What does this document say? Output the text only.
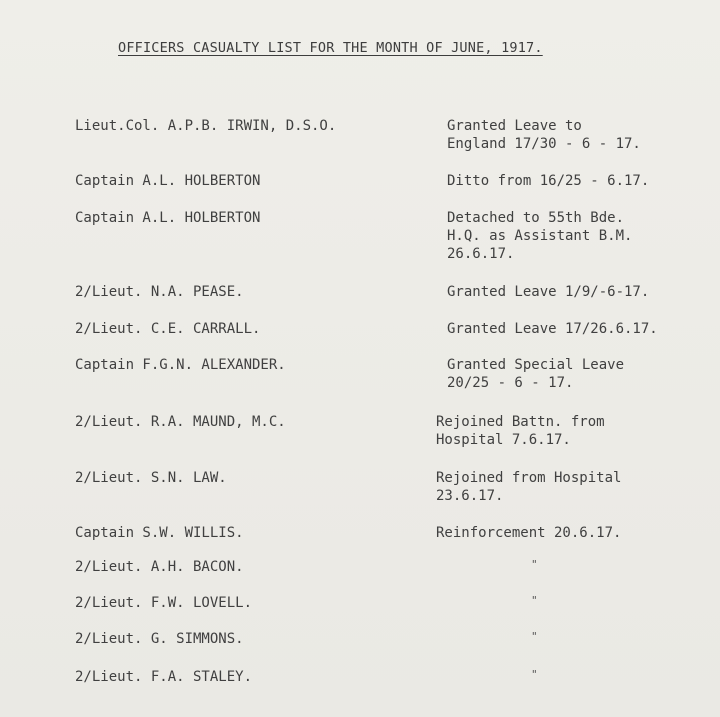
OFFICERS CASUALTY LIST FOR THE MONTH OF JUNE, 1917.
Lieut.Col. A.P.B. IRWIN, D.S.O.	Granted Leave to
England 17/30 - 6 - 17.
Captain A.L. HOLBERTON	Ditto from 16/25 - 6.17.
Captain A.L. HOLBERTON	Detached to 55th Bde.
H.Q. as Assistant B.M.
26.6.17.
2/Lieut. N.A. PEASE.	Granted Leave 1/9/-6-17.
2/Lieut. C.E. CARRALL.	Granted Leave 17/26.6.17.
Captain F.G.N. ALEXANDER.	Granted Special Leave
20/25 - 6 - 17.
2/Lieut. R.A. MAUND, M.C.	Rejoined Battn. from
Hospital 7.6.17.
2/Lieut. S.N. LAW.	Rejoined from Hospital
23.6.17.
Captain S.W. WILLIS.	Reinforcement 20.6.17.
2/Lieut. A.H. BACON.	"
2/Lieut. F.W. LOVELL.	"
2/Lieut. G. SIMMONS.	"
2/Lieut. F.A. STALEY.	"
